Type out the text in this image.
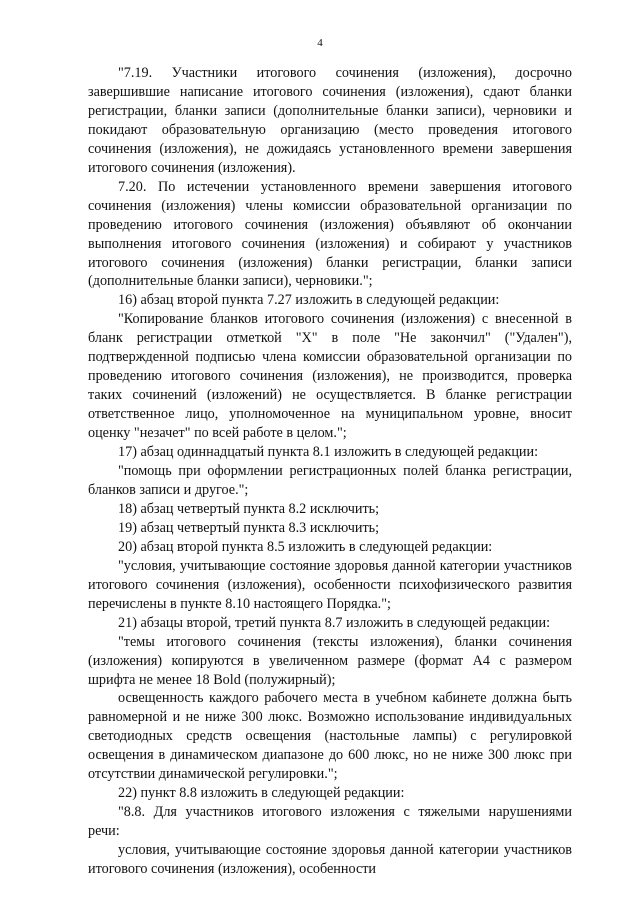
4

"7.19. Участники итогового сочинения (изложения), досрочно завершившие написание итогового сочинения (изложения), сдают бланки регистрации, бланки записи (дополнительные бланки записи), черновики и покидают образовательную организацию (место проведения итогового сочинения (изложения), не дожидаясь установленного времени завершения итогового сочинения (изложения).

7.20. По истечении установленного времени завершения итогового сочинения (изложения) члены комиссии образовательной организации по проведению итогового сочинения (изложения) объявляют об окончании выполнения итогового сочинения (изложения) и собирают у участников итогового сочинения (изложения) бланки регистрации, бланки записи (дополнительные бланки записи), черновики.";

16) абзац второй пункта 7.27 изложить в следующей редакции:

"Копирование бланков итогового сочинения (изложения) с внесенной в бланк регистрации отметкой "X" в поле "Не закончил" ("Удален"), подтвержденной подписью члена комиссии образовательной организации по проведению итогового сочинения (изложения), не производится, проверка таких сочинений (изложений) не осуществляется. В бланке регистрации ответственное лицо, уполномоченное на муниципальном уровне, вносит оценку "незачет" по всей работе в целом.";

17) абзац одиннадцатый пункта 8.1 изложить в следующей редакции:

"помощь при оформлении регистрационных полей бланка регистрации, бланков записи и другое.";

18) абзац четвертый пункта 8.2 исключить;

19) абзац четвертый пункта 8.3 исключить;

20) абзац второй пункта 8.5 изложить в следующей редакции:

"условия, учитывающие состояние здоровья данной категории участников итогового сочинения (изложения), особенности психофизического развития перечислены в пункте 8.10 настоящего Порядка.";

21) абзацы второй, третий пункта 8.7 изложить в следующей редакции:

"темы итогового сочинения (тексты изложения), бланки сочинения (изложения) копируются в увеличенном размере (формат А4 с размером шрифта не менее 18 Bold (полужирный);

освещенность каждого рабочего места в учебном кабинете должна быть равномерной и не ниже 300 люкс. Возможно использование индивидуальных светодиодных средств освещения (настольные лампы) с регулировкой освещения в динамическом диапазоне до 600 люкс, но не ниже 300 люкс при отсутствии динамической регулировки.";

22) пункт 8.8 изложить в следующей редакции:

"8.8. Для участников итогового изложения с тяжелыми нарушениями речи:

условия, учитывающие состояние здоровья данной категории участников итогового сочинения (изложения), особенности
